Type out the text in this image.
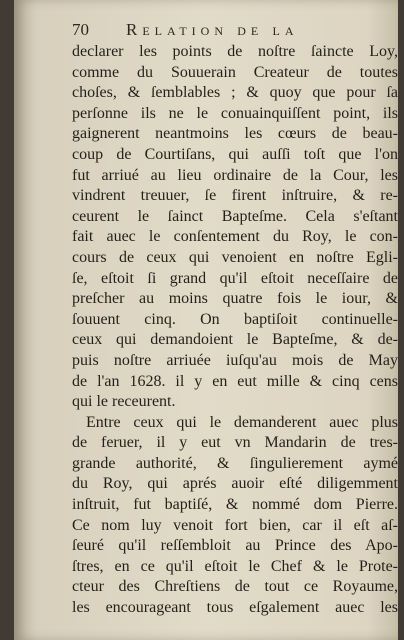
70 Relation de la
declarer les points de noſtre ſaincte Loy,
comme du Souuerain Createur de toutes
choſes, & ſemblables ; & quoy que pour ſa
perſonne ils ne le conuainquiſſent point, ils
gaignerent neantmoins les cœurs de beau-
coup de Courtiſans, qui auſſi toſt que l'on
fut arriué au lieu ordinaire de la Cour, les
vindrent treuuer, ſe firent inſtruire, & re-
ceurent le ſainct Bapteſme. Cela s'eſtant
fait auec le conſentement du Roy, le con-
cours de ceux qui venoient en noſtre Egli-
ſe, eſtoit ſi grand qu'il eſtoit neceſſaire de
preſcher au moins quatre fois le iour, &
ſouuent cinq. On baptiſoit continuelle-
ceux qui demandoient le Bapteſme, & de-
puis noſtre arriuée iuſqu'au mois de May
de l'an 1628. il y en eut mille & cinq cens
qui le receurent.
Entre ceux qui le demanderent auec plus
de feruer, il y eut vn Mandarin de tres-
grande authorité, & ſingulierement aymé
du Roy, qui aprés auoir eſté diligemment
inſtruit, fut baptiſé, & nommé dom Pierre.
Ce nom luy venoit fort bien, car il eſt aſ-
ſeuré qu'il reſſembloit au Prince des Apo-
ſtres, en ce qu'il eſtoit le Chef & le Prote-
cteur des Chreſtiens de tout ce Royaume,
les encourageant tous eſgalement auec les
